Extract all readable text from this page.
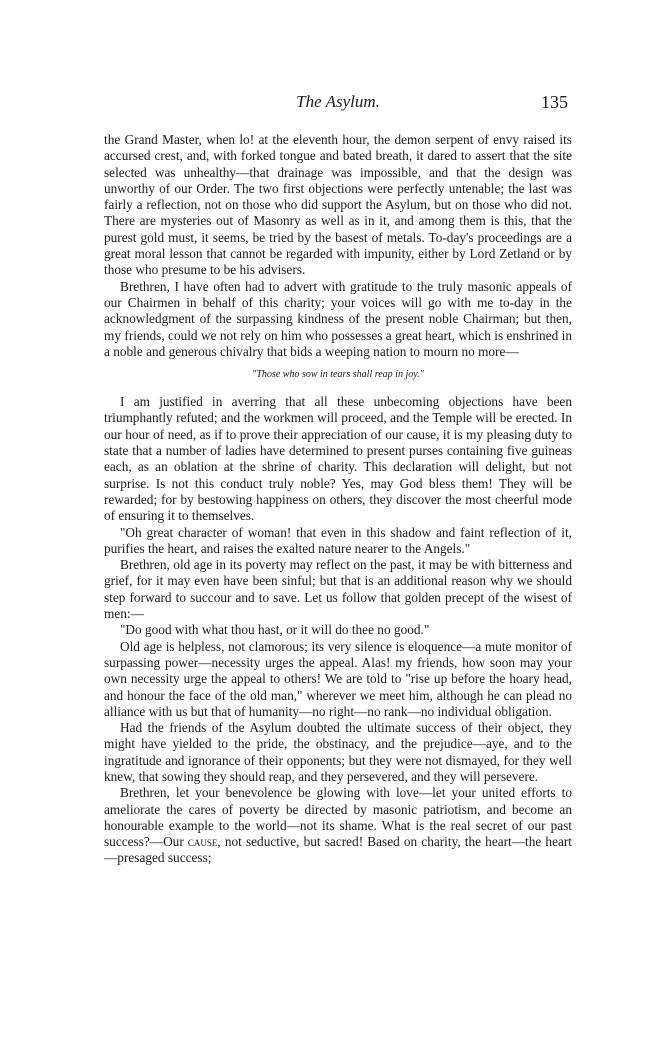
The Asylum.	135

the Grand Master, when lo! at the eleventh hour, the demon serpent of envy raised its accursed crest, and, with forked tongue and bated breath, it dared to assert that the site selected was unhealthy—that drainage was impossible, and that the design was unworthy of our Order. The two first objections were perfectly untenable; the last was fairly a reflection, not on those who did support the Asylum, but on those who did not. There are mysteries out of Masonry as well as in it, and among them is this, that the purest gold must, it seems, be tried by the basest of metals. To-day's proceedings are a great moral lesson that cannot be regarded with impunity, either by Lord Zetland or by those who presume to be his advisers.

Brethren, I have often had to advert with gratitude to the truly masonic appeals of our Chairmen in behalf of this charity; your voices will go with me to-day in the acknowledgment of the surpassing kindness of the present noble Chairman; but then, my friends, could we not rely on him who possesses a great heart, which is enshrined in a noble and generous chivalry that bids a weeping nation to mourn no more—

"Those who sow in tears shall reap in joy."

I am justified in averring that all these unbecoming objections have been triumphantly refuted; and the workmen will proceed, and the Temple will be erected. In our hour of need, as if to prove their appreciation of our cause, it is my pleasing duty to state that a number of ladies have determined to present purses containing five guineas each, as an oblation at the shrine of charity. This declaration will delight, but not surprise. Is not this conduct truly noble? Yes, may God bless them! They will be rewarded; for by bestowing happiness on others, they discover the most cheerful mode of ensuring it to themselves.

"Oh great character of woman! that even in this shadow and faint reflection of it, purifies the heart, and raises the exalted nature nearer to the Angels."

Brethren, old age in its poverty may reflect on the past, it may be with bitterness and grief, for it may even have been sinful; but that is an additional reason why we should step forward to succour and to save. Let us follow that golden precept of the wisest of men:—

"Do good with what thou hast, or it will do thee no good."

Old age is helpless, not clamorous; its very silence is eloquence—a mute monitor of surpassing power—necessity urges the appeal. Alas! my friends, how soon may your own necessity urge the appeal to others! We are told to "rise up before the hoary head, and honour the face of the old man," wherever we meet him, although he can plead no alliance with us but that of humanity—no right—no rank—no individual obligation.

Had the friends of the Asylum doubted the ultimate success of their object, they might have yielded to the pride, the obstinacy, and the prejudice—aye, and to the ingratitude and ignorance of their opponents; but they were not dismayed, for they well knew, that sowing they should reap, and they persevered, and they will persevere.

Brethren, let your benevolence be glowing with love—let your united efforts to ameliorate the cares of poverty be directed by masonic patriotism, and become an honourable example to the world—not its shame. What is the real secret of our past success?—Our cause, not seductive, but sacred! Based on charity, the heart—the heart—presaged success;
